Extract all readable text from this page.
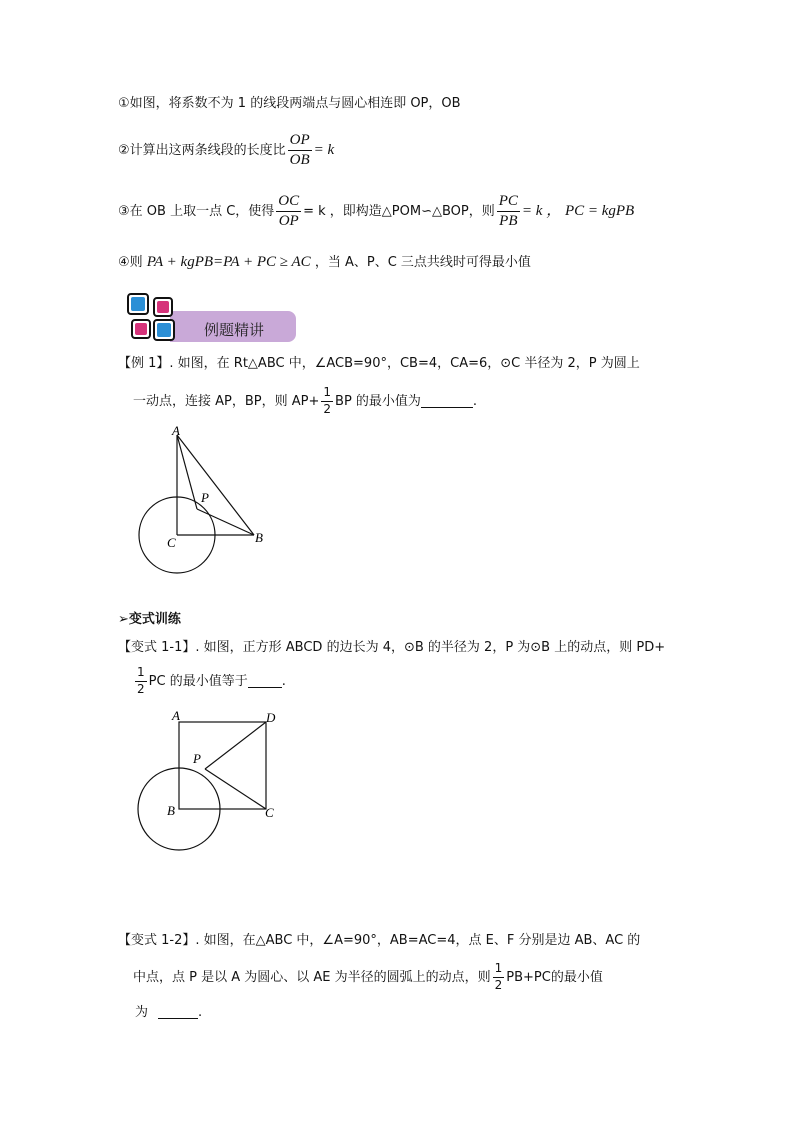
①如图，将系数不为 1 的线段两端点与圆心相连即 OP，OB
②计算出这两条线段的长度比 $\frac{OP}{OB} = k$
③在 OB 上取一点 C，使得 $\frac{OC}{OP} = k$ ，即构造△POM∽△BOP，则 $\frac{PC}{PB} = k$ ， PC = kgPB
④则 PA + kgPB=PA + PC ≥ AC ，当 A、P、C 三点共线时可得最小值
例题精讲
【例 1】. 如图，在 Rt△ABC 中，∠ACB=90°，CB=4，CA=6，⊙C 半径为 2，P 为圆上
一动点，连接 AP，BP，则 $AP+ \frac{1}{2}$ BP 的最小值为	.
A
P
C	B
➢变式训练
【变式 1-1】. 如图，正方形 ABCD 的边长为 4，⊙B 的半径为 2，P 为⊙B 上的动点，则 PD+
$\frac{1}{2}$ PC 的最小值等于	.
A	D
P
B	C
【变式 1-2】. 如图，在△ABC 中，∠A=90°，AB=AC=4，点 E、F 分别是边 AB、AC 的
中点，点 P 是以 A 为圆心、以 AE 为半径的圆弧上的动点，则 $\frac{1}{2} PB+PC$的最小值
为	.
